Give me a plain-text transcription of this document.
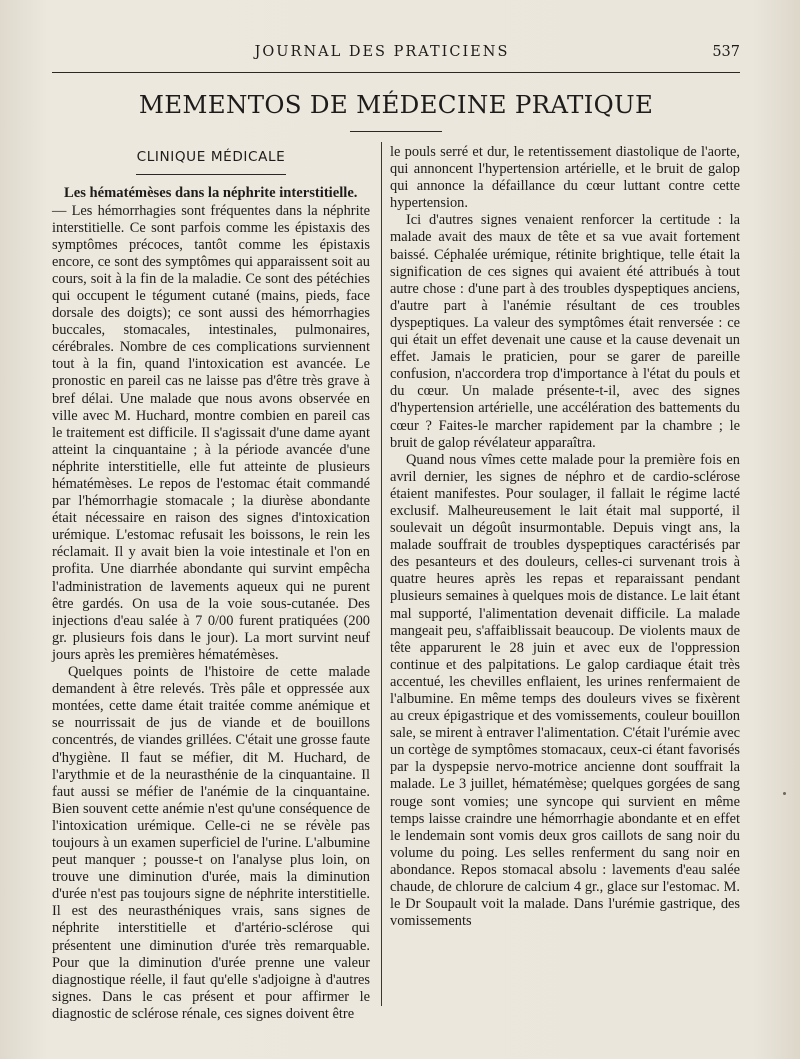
JOURNAL DES PRATICIENS	537
MEMENTOS DE MÉDECINE PRATIQUE
CLINIQUE MÉDICALE
Les hématémèses dans la néphrite interstitielle.

— Les hémorrhagies sont fréquentes dans la néphrite interstitielle. Ce sont parfois comme les épistaxis des symptômes précoces, tantôt comme les épistaxis encore, ce sont des symptômes qui apparaissent soit au cours, soit à la fin de la maladie. Ce sont des pétéchies qui occupent le tégument cutané (mains, pieds, face dorsale des doigts); ce sont aussi des hémorrhagies buccales, stomacales, intestinales, pulmonaires, cérébrales. Nombre de ces complications surviennent tout à la fin, quand l'intoxication est avancée. Le pronostic en pareil cas ne laisse pas d'être très grave à bref délai. Une malade que nous avons observée en ville avec M. Huchard, montre combien en pareil cas le traitement est difficile. Il s'agissait d'une dame ayant atteint la cinquantaine ; à la période avancée d'une néphrite interstitielle, elle fut atteinte de plusieurs hématémèses. Le repos de l'estomac était commandé par l'hémorrhagie stomacale ; la diurèse abondante était nécessaire en raison des signes d'intoxication urémique. L'estomac refusait les boissons, le rein les réclamait. Il y avait bien la voie intestinale et l'on en profita. Une diarrhée abondante qui survint empêcha l'administration de lavements aqueux qui ne purent être gardés. On usa de la voie sous-cutanée. Des injections d'eau salée à 7 0/00 furent pratiquées (200 gr. plusieurs fois dans le jour). La mort survint neuf jours après les premières hématémèses.

Quelques points de l'histoire de cette malade demandent à être relevés. Très pâle et oppressée aux montées, cette dame était traitée comme anémique et se nourrissait de jus de viande et de bouillons concentrés, de viandes grillées. C'était une grosse faute d'hygiène. Il faut se méfier, dit M. Huchard, de l'arythmie et de la neurasthénie de la cinquantaine. Il faut aussi se méfier de l'anémie de la cinquantaine. Bien souvent cette anémie n'est qu'une conséquence de l'intoxication urémique. Celle-ci ne se révèle pas toujours à un examen superficiel de l'urine. L'albumine peut manquer ; pousse-t on l'analyse plus loin, on trouve une diminution d'urée, mais la diminution d'urée n'est pas toujours signe de néphrite interstitielle. Il est des neurasthéniques vrais, sans signes de néphrite interstitielle et d'artério-sclérose qui présentent une diminution d'urée très remarquable. Pour que la diminution d'urée prenne une valeur diagnostique réelle, il faut qu'elle s'adjoigne à d'autres signes. Dans le cas présent et pour affirmer le diagnostic de sclérose rénale, ces signes doivent être

le pouls serré et dur, le retentissement diastolique de l'aorte, qui annoncent l'hypertension artérielle, et le bruit de galop qui annonce la défaillance du cœur luttant contre cette hypertension.

Ici d'autres signes venaient renforcer la certitude : la malade avait des maux de tête et sa vue avait fortement baissé. Céphalée urémique, rétinite brightique, telle était la signification de ces signes qui avaient été attribués à tout autre chose : d'une part à des troubles dyspeptiques anciens, d'autre part à l'anémie résultant de ces troubles dyspeptiques. La valeur des symptômes était renversée : ce qui était un effet devenait une cause et la cause devenait un effet. Jamais le praticien, pour se garer de pareille confusion, n'accordera trop d'importance à l'état du pouls et du cœur. Un malade présente-t-il, avec des signes d'hypertension artérielle, une accélération des battements du cœur ? Faites-le marcher rapidement par la chambre ; le bruit de galop révélateur apparaîtra.

Quand nous vîmes cette malade pour la première fois en avril dernier, les signes de néphro et de cardio-sclérose étaient manifestes. Pour soulager, il fallait le régime lacté exclusif. Malheureusement le lait était mal supporté, il soulevait un dégoût insurmontable. Depuis vingt ans, la malade souffrait de troubles dyspeptiques caractérisés par des pesanteurs et des douleurs, celles-ci survenant trois à quatre heures après les repas et reparaissant pendant plusieurs semaines à quelques mois de distance. Le lait étant mal supporté, l'alimentation devenait difficile. La malade mangeait peu, s'affaiblissait beaucoup. De violents maux de tête apparurent le 28 juin et avec eux de l'oppression continue et des palpitations. Le galop cardiaque était très accentué, les chevilles enflaient, les urines renfermaient de l'albumine. En même temps des douleurs vives se fixèrent au creux épigastrique et des vomissements, couleur bouillon sale, se mirent à entraver l'alimentation. C'était l'urémie avec un cortège de symptômes stomacaux, ceux-ci étant favorisés par la dyspepsie nervo-motrice ancienne dont souffrait la malade. Le 3 juillet, hématémèse; quelques gorgées de sang rouge sont vomies; une syncope qui survient en même temps laisse craindre une hémorrhagie abondante et en effet le lendemain sont vomis deux gros caillots de sang noir du volume du poing. Les selles renferment du sang noir en abondance. Repos stomacal absolu : lavements d'eau salée chaude, de chlorure de calcium 4 gr., glace sur l'estomac. M. le Dr Soupault voit la malade. Dans l'urémie gastrique, des vomissements
